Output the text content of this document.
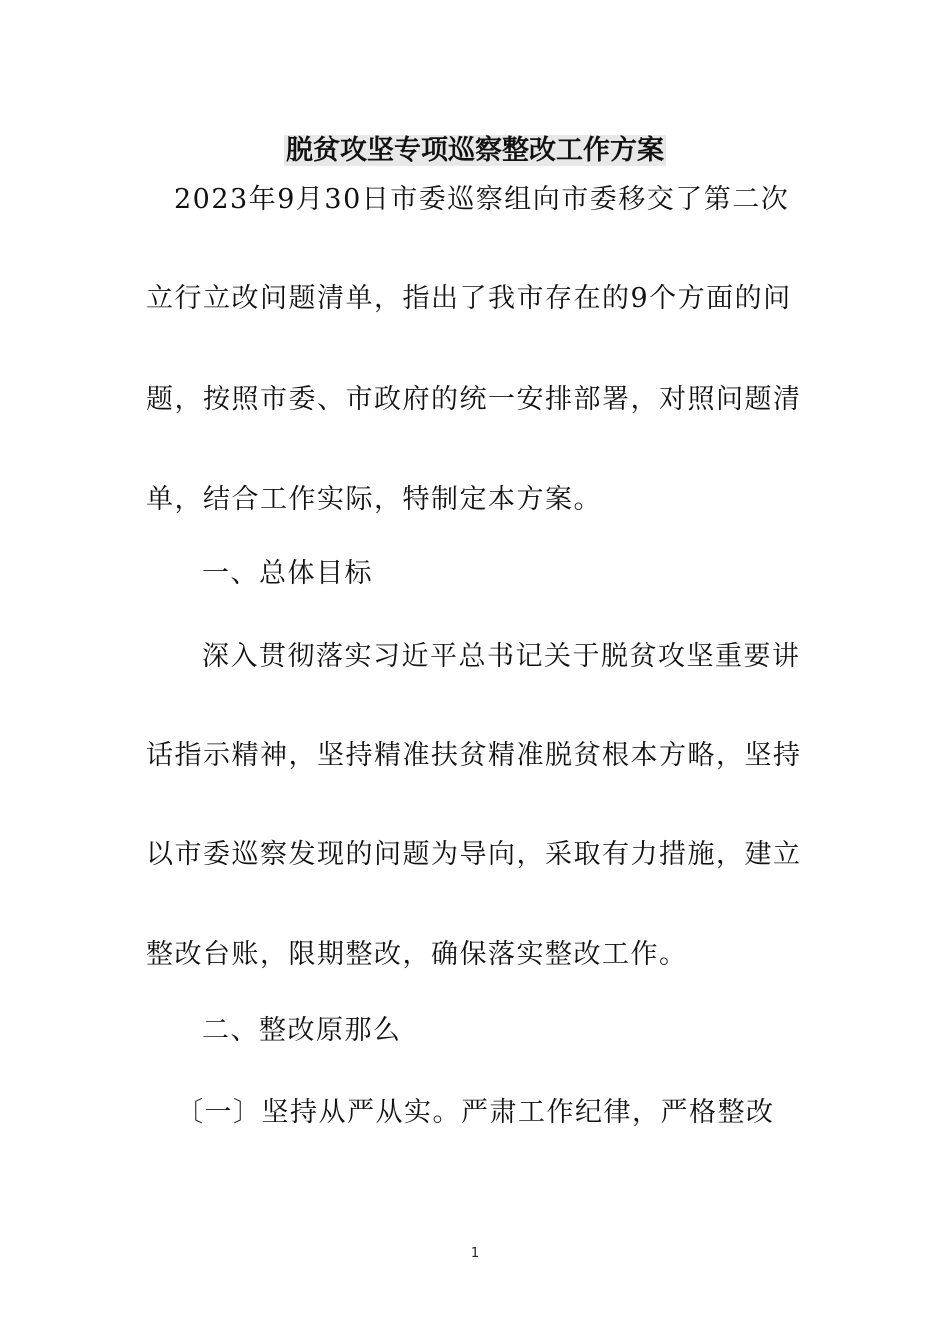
脱贫攻坚专项巡察整改工作方案
2023年9月30日市委巡察组向市委移交了第二次
立行立改问题清单，指出了我市存在的9个方面的问
题，按照市委、市政府的统一安排部署，对照问题清
单，结合工作实际，特制定本方案。
一、总体目标
深入贯彻落实习近平总书记关于脱贫攻坚重要讲
话指示精神，坚持精准扶贫精准脱贫根本方略，坚持
以市委巡察发现的问题为导向，采取有力措施，建立
整改台账，限期整改，确保落实整改工作。
二、整改原那么
〔一〕坚持从严从实。严肃工作纪律，严格整改
1
